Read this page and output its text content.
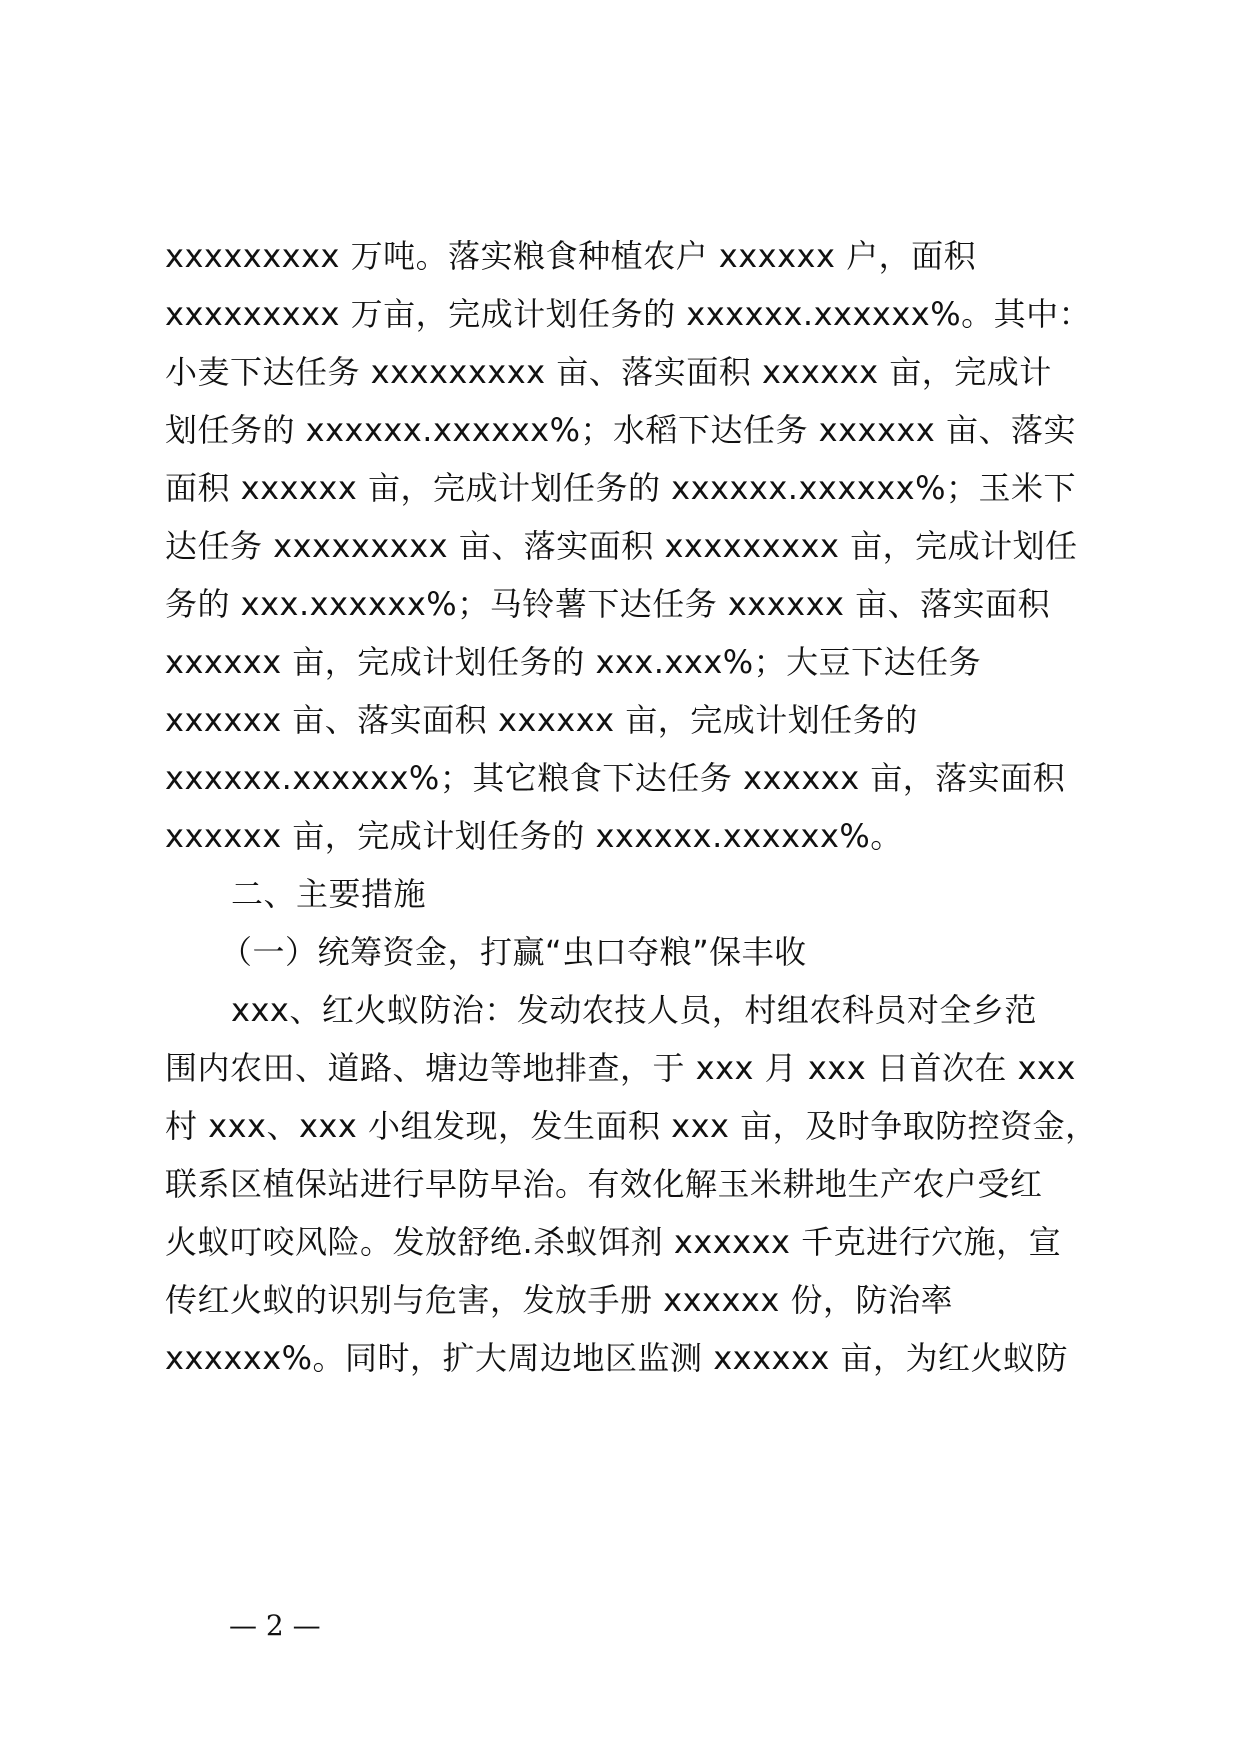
xxxxxxxxx 万吨。落实粮食种植农户 xxxxxx 户，面积
xxxxxxxxx 万亩，完成计划任务的 xxxxxx.xxxxxx%。其中：
小麦下达任务 xxxxxxxxx 亩、落实面积 xxxxxx 亩，完成计
划任务的 xxxxxx.xxxxxx%；水稻下达任务 xxxxxx 亩、落实
面积 xxxxxx 亩，完成计划任务的 xxxxxx.xxxxxx%；玉米下
达任务 xxxxxxxxx 亩、落实面积 xxxxxxxxx 亩，完成计划任
务的 xxx.xxxxxx%；马铃薯下达任务 xxxxxx 亩、落实面积
xxxxxx 亩，完成计划任务的 xxx.xxx%；大豆下达任务
xxxxxx 亩、落实面积 xxxxxx 亩，完成计划任务的
xxxxxx.xxxxxx%；其它粮食下达任务 xxxxxx 亩，落实面积
xxxxxx 亩，完成计划任务的 xxxxxx.xxxxxx%。
二、主要措施
（一）统筹资金，打赢“虫口夺粮”保丰收
xxx、红火蚁防治：发动农技人员，村组农科员对全乡范
围内农田、道路、塘边等地排查，于 xxx 月 xxx 日首次在 xxx
村 xxx、xxx 小组发现，发生面积 xxx 亩，及时争取防控资金，
联系区植保站进行早防早治。有效化解玉米耕地生产农户受红
火蚁叮咬风险。发放舒绝.杀蚁饵剂 xxxxxx 千克进行穴施，宣
传红火蚁的识别与危害，发放手册 xxxxxx 份，防治率
xxxxxx%。同时，扩大周边地区监测 xxxxxx 亩，为红火蚁防
— 2 —
